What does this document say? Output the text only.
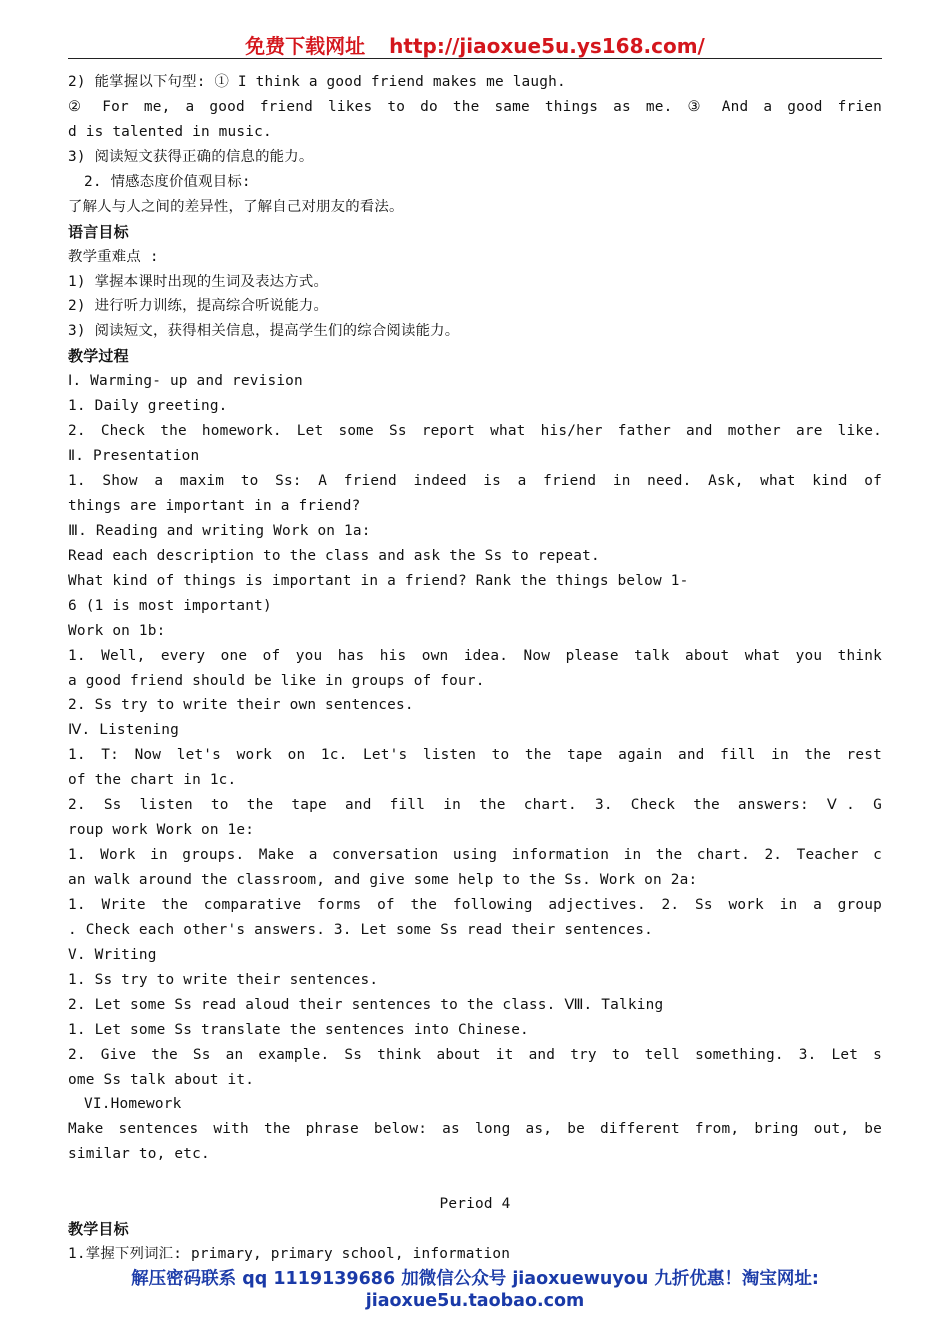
免费下载网址 http://jiaoxue5u.ys168.com/
2) 能掌握以下句型: ① I think a good friend makes me laugh.
② For me, a good friend likes to do the same things as me. ③ And a good frien
d is talented in music.
3) 阅读短文获得正确的信息的能力。
2. 情感态度价值观目标:
了解人与人之间的差异性，了解自己对朋友的看法。
语言目标
教学重难点 :
1) 掌握本课时出现的生词及表达方式。
2) 进行听力训练，提高综合听说能力。
3) 阅读短文，获得相关信息，提高学生们的综合阅读能力。
教学过程
Ⅰ. Warming- up and revision
1. Daily greeting.
2. Check the homework. Let some Ss report what his/her father and mother are like.
Ⅱ. Presentation
1. Show a maxim to Ss: A friend indeed is a friend in need. Ask, what kind of
things are important in a friend?
Ⅲ. Reading and writing Work on 1a:
Read each description to the class and ask the Ss to repeat.
What kind of things is important in a friend? Rank the things below 1-
6 (1 is most important)
Work on 1b:
1. Well, every one of you has his own idea. Now please talk about what you think
a good friend should be like in groups of four.
2. Ss try to write their own sentences.
Ⅳ. Listening
1. T: Now let's work on 1c. Let's listen to the tape again and fill in the rest
of the chart in 1c.
2. Ss listen to the tape and fill in the chart. 3. Check the answers: Ⅴ. G
roup work Work on 1e:
1. Work in groups. Make a conversation using information in the chart. 2. Teacher c
an walk around the classroom, and give some help to the Ss. Work on 2a:
1. Write the comparative forms of the following adjectives. 2. Ss work in a group
. Check each other's answers. 3. Let some Ss read their sentences.
V. Writing
1. Ss try to write their sentences.
2. Let some Ss read aloud their sentences to the class. Ⅷ. Talking
1. Let some Ss translate the sentences into Chinese.
2. Give the Ss an example. Ss think about it and try to tell something. 3. Let s
ome Ss talk about it.
VI.Homework
Make sentences with the phrase below: as long as, be different from, bring out, be
similar to, etc.
Period 4
教学目标
1.掌握下列词汇: primary, primary school, information
解压密码联系 qq 1119139686 加微信公众号 jiaoxuewuyou 九折优惠！淘宝网址:
jiaoxue5u.taobao.com
